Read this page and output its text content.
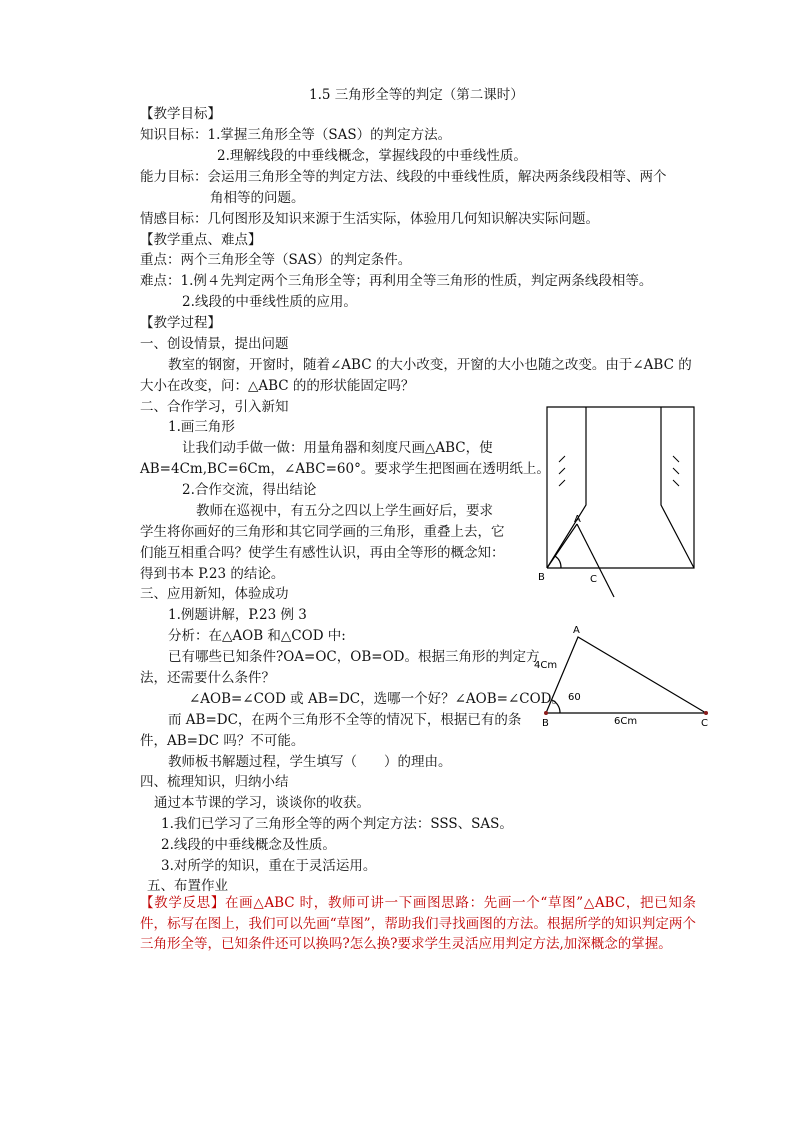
1.5 三角形全等的判定（第二课时）
【教学目标】
知识目标：1.掌握三角形全等（SAS）的判定方法。
2.理解线段的中垂线概念，掌握线段的中垂线性质。
能力目标：会运用三角形全等的判定方法、线段的中垂线性质，解决两条线段相等、两个
角相等的问题。
情感目标：几何图形及知识来源于生活实际，体验用几何知识解决实际问题。
【教学重点、难点】
重点：两个三角形全等（SAS）的判定条件。
难点：1.例４先判定两个三角形全等；再利用全等三角形的性质，判定两条线段相等。
2.线段的中垂线性质的应用。
【教学过程】
一、创设情景，提出问题
教室的钢窗，开窗时，随着∠ABC 的大小改变，开窗的大小也随之改变。由于∠ABC 的
大小在改变，问：△ABC 的的形状能固定吗？
二、合作学习，引入新知
1.画三角形
让我们动手做一做：用量角器和刻度尺画△ABC，使
AB=4Cm,BC=6Cm，∠ABC=60°。要求学生把图画在透明纸上。
2.合作交流，得出结论
教师在巡视中，有五分之四以上学生画好后，要求
学生将你画好的三角形和其它同学画的三角形，重叠上去，它
们能互相重合吗？使学生有感性认识，再由全等形的概念知：
得到书本 P.23 的结论。
三、应用新知，体验成功
1.例题讲解，P.23 例 3
分析：在△AOB 和△COD 中:
已有哪些已知条件?OA=OC，OB=OD。根据三角形的判定方
法，还需要什么条件？
∠AOB=∠COD 或 AB=DC，选哪一个好？∠AOB=∠COD。
而 AB=DC，在两个三角形不全等的情况下，根据已有的条
件，AB=DC 吗？不可能。
教师板书解题过程，学生填写（　　）的理由。
四、梳理知识，归纳小结
通过本节课的学习，谈谈你的收获。
1.我们已学习了三角形全等的两个判定方法：SSS、SAS。
2.线段的中垂线概念及性质。
3.对所学的知识，重在于灵活运用。
五、布置作业
【教学反思】在画△ABC 时，教师可讲一下画图思路：先画一个“草图”△ABC，把已知条件，标写在图上，我们可以先画“草图”，帮助我们寻找画图的方法。根据所学的知识判定两个三角形全等，已知条件还可以换吗?怎么换?要求学生灵活应用判定方法,加深概念的掌握。
A
B	C
A
B	C
4Cm
6Cm
60
